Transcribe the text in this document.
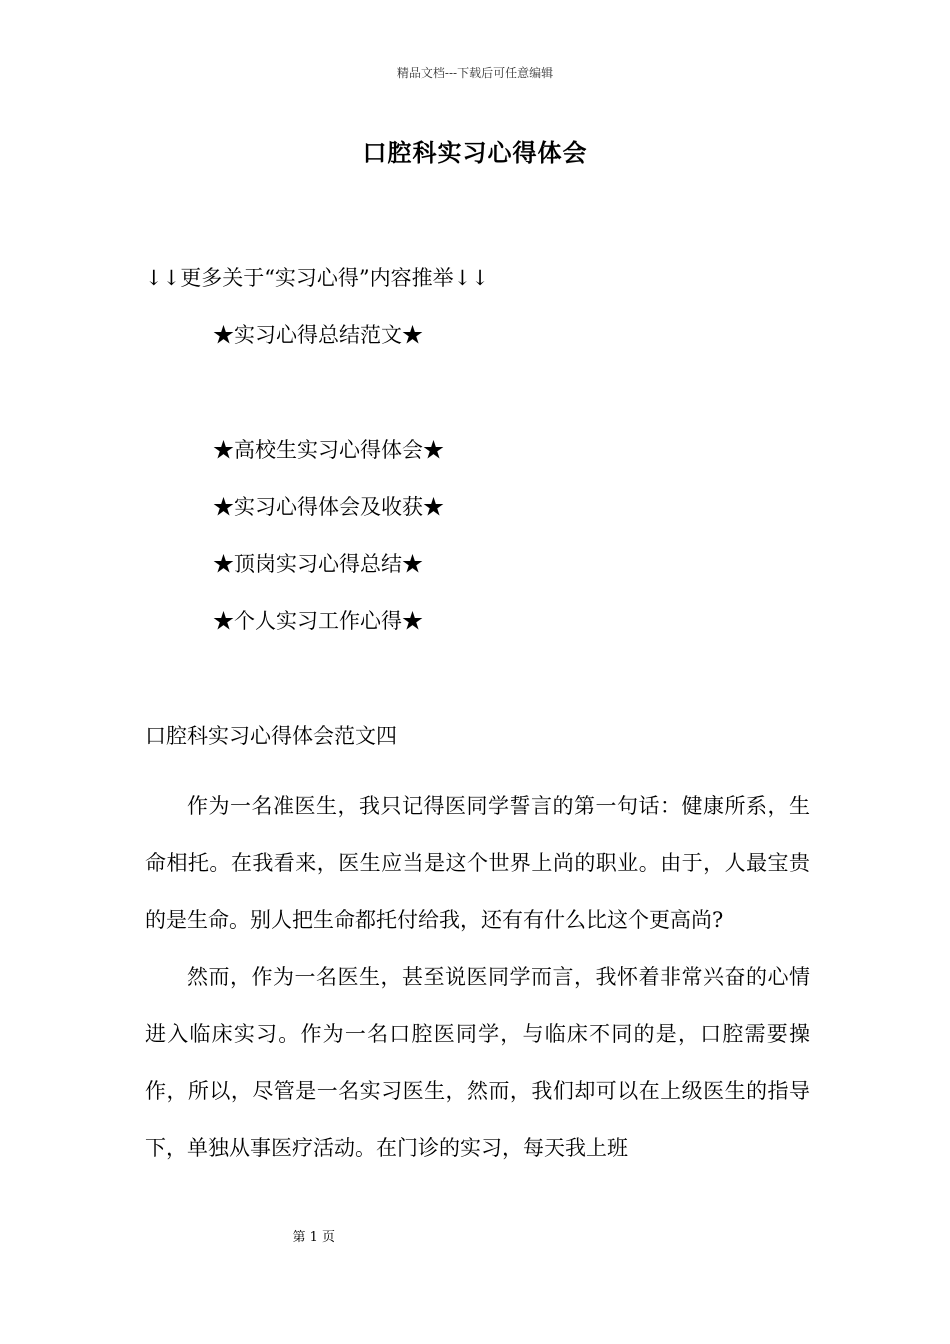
精品文档---下载后可任意编辑
口腔科实习心得体会
↓↓更多关于“实习心得”内容推举↓↓
★实习心得总结范文★
★高校生实习心得体会★
★实习心得体会及收获★
★顶岗实习心得总结★
★个人实习工作心得★
口腔科实习心得体会范文四

作为一名准医生，我只记得医同学誓言的第一句话：健康所系，生命相托。在我看来，医生应当是这个世界上尚的职业。由于，人最宝贵的是生命。别人把生命都托付给我，还有有什么比这个更高尚?

然而，作为一名医生，甚至说医同学而言，我怀着非常兴奋的心情进入临床实习。作为一名口腔医同学，与临床不同的是，口腔需要操作，所以，尽管是一名实习医生，然而，我们却可以在上级医生的指导下，单独从事医疗活动。在门诊的实习，每天我上班

第 1 页
